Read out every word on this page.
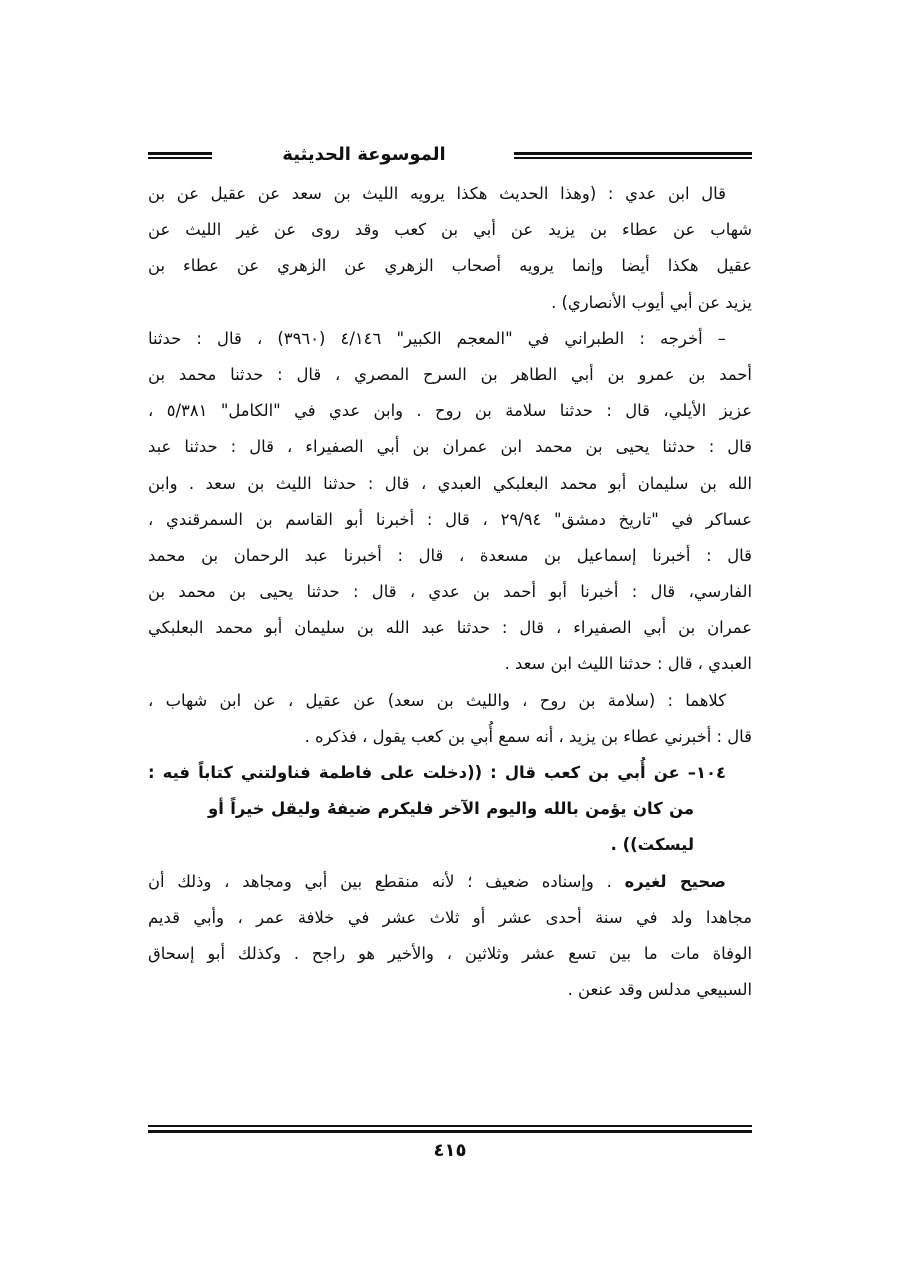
الموسوعة الحديثية
قال ابن عدي : (وهذا الحديث هكذا يرويه الليث بن سعد عن عقيل عن بن
شهاب عن عطاء بن يزيد عن أبي بن كعب وقد روى عن غير الليث عن
عقيل هكذا أيضا وإنما يرويه أصحاب الزهري عن الزهري عن عطاء بن
يزيد عن أبي أيوب الأنصاري) .
– أخرجه : الطبراني في "المعجم الكبير" ٤/١٤٦ (٣٩٦٠) ، قال : حدثنا
أحمد بن عمرو بن أبي الطاهر بن السرح المصري ، قال : حدثنا محمد بن
عزيز الأيلي، قال : حدثنا سلامة بن روح . وابن عدي في "الكامل" ٥/٣٨١ ،
قال : حدثنا يحيى بن محمد ابن عمران بن أبي الصفيراء ، قال : حدثنا عبد
الله بن سليمان أبو محمد البعلبكي العبدي ، قال : حدثنا الليث بن سعد . وابن
عساكر في "تاريخ دمشق" ٢٩/٩٤ ، قال : أخبرنا أبو القاسم بن السمرقندي ،
قال : أخبرنا إسماعيل بن مسعدة ، قال : أخبرنا عبد الرحمان بن محمد
الفارسي، قال : أخبرنا أبو أحمد بن عدي ، قال : حدثنا يحيى بن محمد بن
عمران بن أبي الصفيراء ، قال : حدثنا عبد الله بن سليمان أبو محمد البعلبكي
العبدي ، قال : حدثنا الليث ابن سعد .
كلاهما : (سلامة بن روح ، والليث بن سعد) عن عقيل ، عن ابن شهاب ،
قال : أخبرني عطاء بن يزيد ، أنه سمع أُبي بن كعب يقول ، فذكره .
١٠٤– عن أُبي بن كعب قال : ((دخلت على فاطمة فناولتني كتاباً فيه :
من كان يؤمن بالله واليوم الآخر فليكرم ضيفهُ وليقل خيراً أو
ليسكت)) .
صحيح لغيره . وإسناده ضعيف ؛ لأنه منقطع بين أبي ومجاهد ، وذلك أن
مجاهدا ولد في سنة أحدى عشر أو ثلاث عشر في خلافة عمر ، وأبي قديم
الوفاة مات ما بين تسع عشر وثلاثين ، والأخير هو راجح . وكذلك أبو إسحاق
السبيعي مدلس وقد عنعن .
٤١٥
